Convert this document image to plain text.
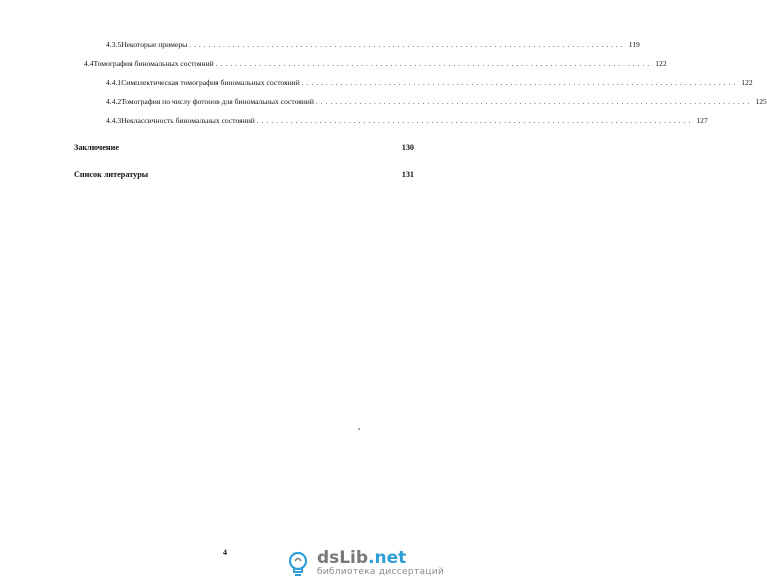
4.3.5 Некоторые примеры .......................................................................................... 119
4.4 Томография биномальных состояний .......................................................................................... 122
4.4.1 Симплектическая томография биномальных состояний .......................................................................................... 122
4.4.2 Томография по числу фотонов для биномальных состояний .......................................................................................... 125
4.4.3 Неклассичность биномальных состояний .......................................................................................... 127
Заключение	130
Список литературы	131
4	dsLib.net
библиотека диссертаций
